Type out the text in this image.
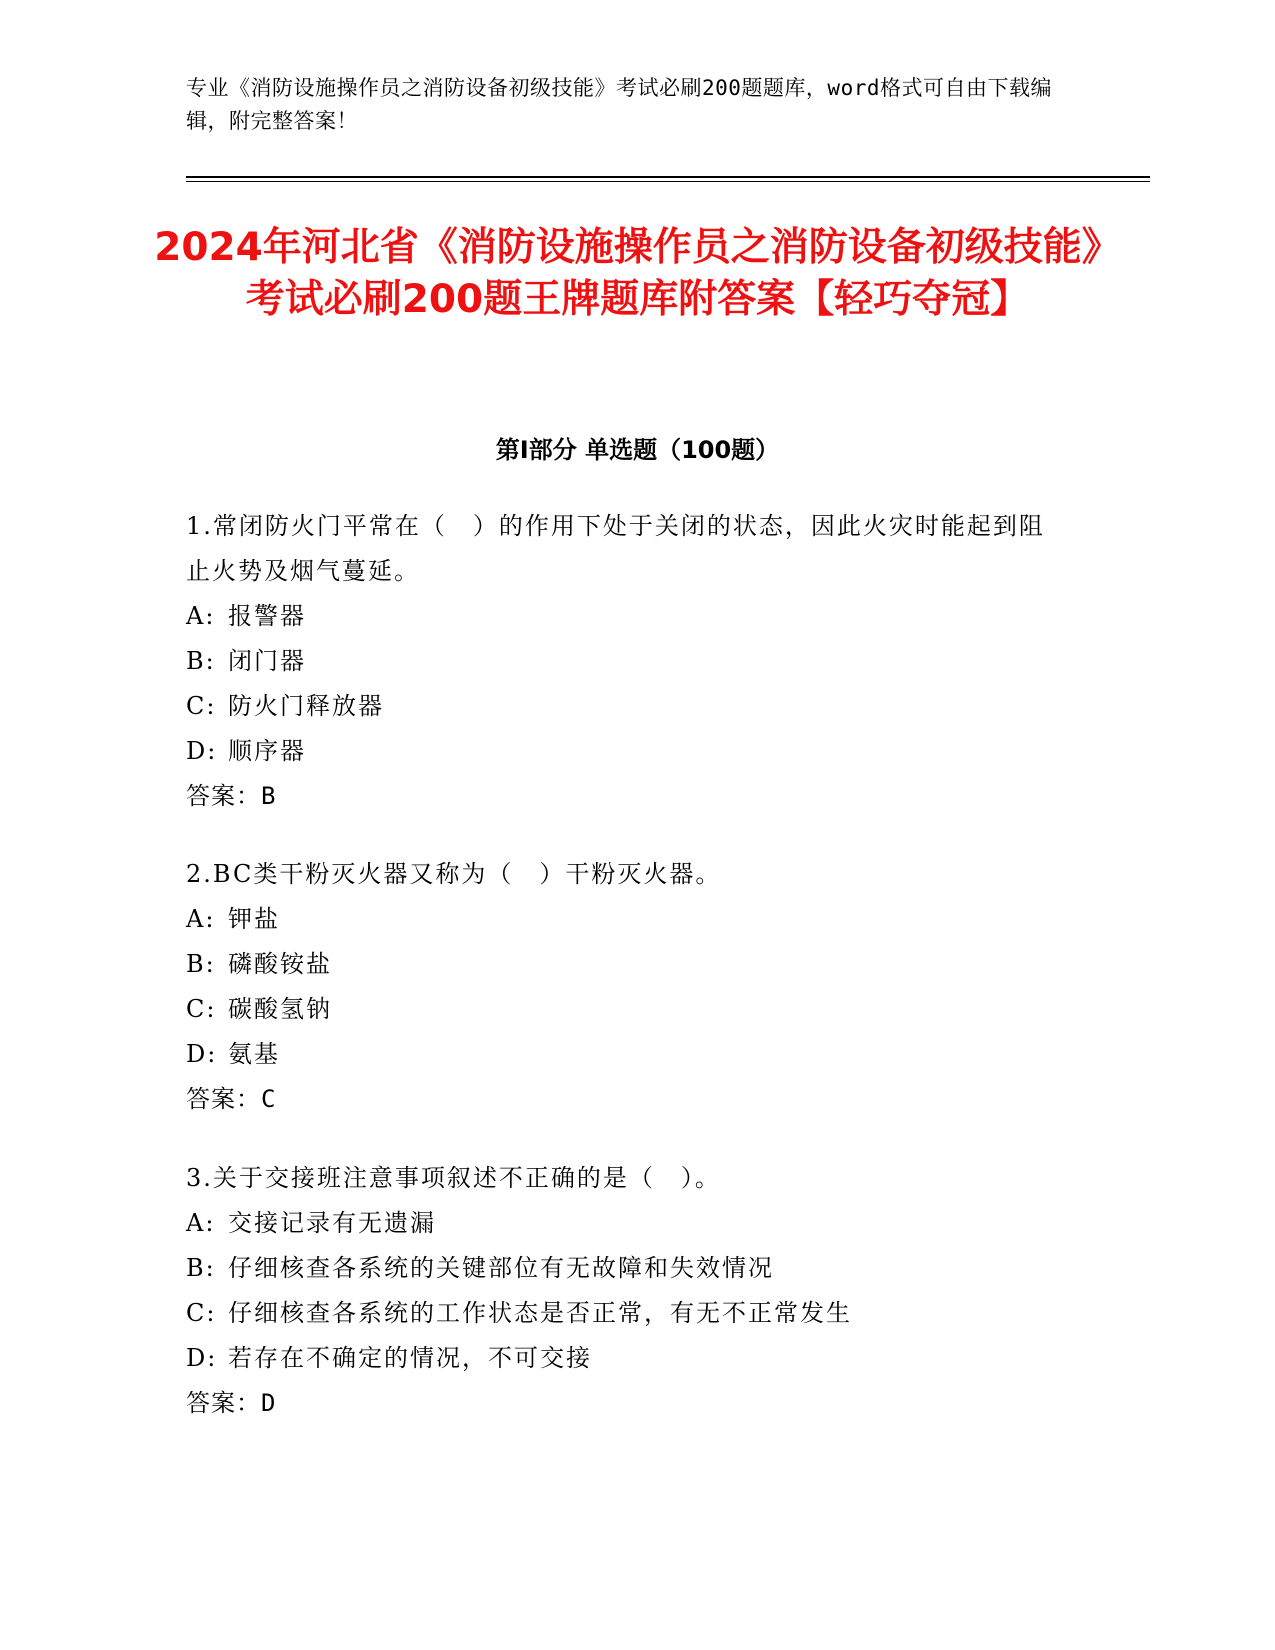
专业《消防设施操作员之消防设备初级技能》考试必刷200题题库，word格式可自由下载编辑，附完整答案！
2024年河北省《消防设施操作员之消防设备初级技能》考试必刷200题王牌题库附答案【轻巧夺冠】
第I部分 单选题（100题）
1.常闭防火门平常在（　）的作用下处于关闭的状态，因此火灾时能起到阻止火势及烟气蔓延。
A: 报警器
B: 闭门器
C: 防火门释放器
D: 顺序器
答案：B
2.BC类干粉灭火器又称为（　）干粉灭火器。
A: 钾盐
B: 磷酸铵盐
C: 碳酸氢钠
D: 氨基
答案：C
3.关于交接班注意事项叙述不正确的是（　）。
A: 交接记录有无遗漏
B: 仔细核查各系统的关键部位有无故障和失效情况
C: 仔细核查各系统的工作状态是否正常，有无不正常发生
D: 若存在不确定的情况，不可交接
答案：D
